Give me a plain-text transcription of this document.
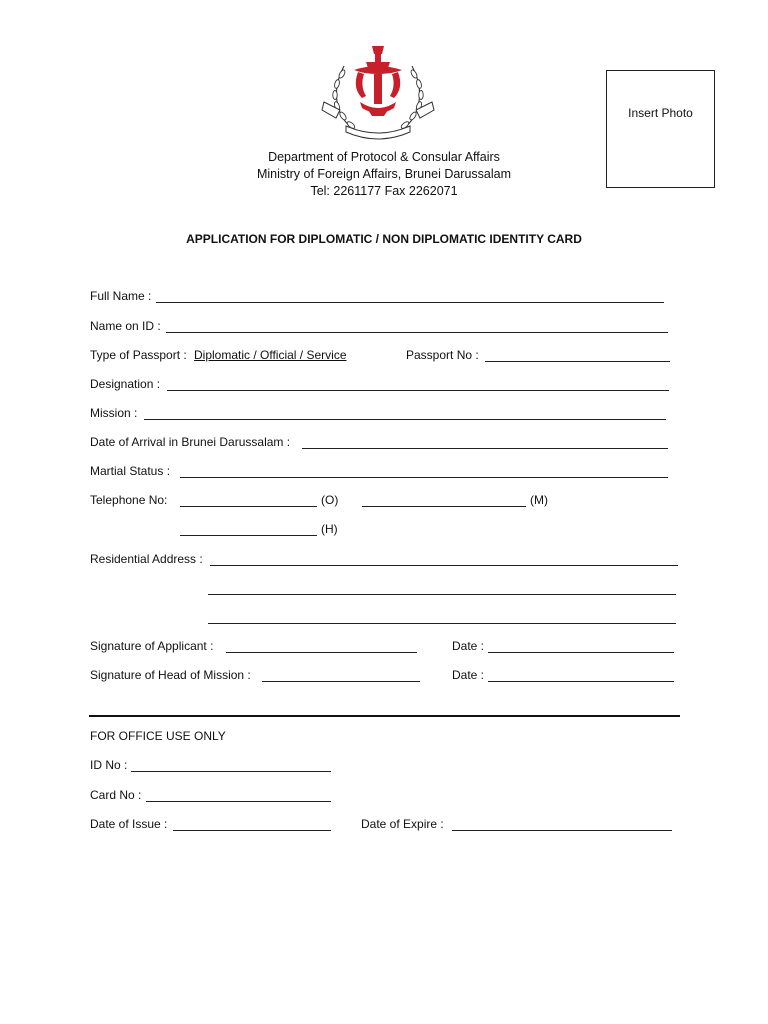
Insert Photo
Department of Protocol & Consular Affairs
Ministry of Foreign Affairs, Brunei Darussalam
Tel: 2261177 Fax 2262071
APPLICATION FOR DIPLOMATIC / NON DIPLOMATIC IDENTITY CARD
Full Name :
Name on ID :
Type of Passport : Diplomatic / Official / Service	Passport No :
Designation :
Mission :
Date of Arrival in Brunei Darussalam :
Martial Status :
Telephone No:	(O)	(M)
(H)
Residential Address :
Signature of Applicant :	Date :
Signature of Head of Mission :	Date :
FOR OFFICE USE ONLY
ID No :
Card No :
Date of Issue :	Date of Expire :
